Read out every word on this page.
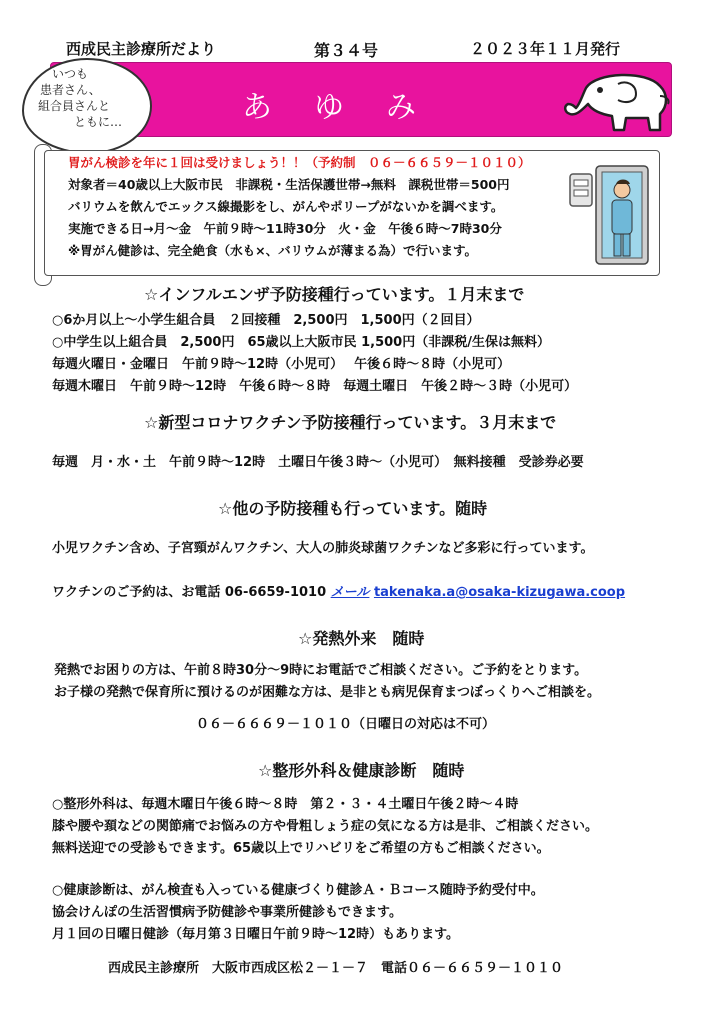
西成民主診療所だより	第３４号	２０２３年１１月発行
あ ゆ み
いつも
患者さん、
組合員さんと
ともに…
胃がん検診を年に１回は受けましょう！！（予約制　０６－６６５９－１０１０）
対象者＝40歳以上大阪市民　非課税・生活保護世帯→無料　課税世帯＝500円
バリウムを飲んでエックス線撮影をし、がんやポリープがないかを調べます。
実施できる日→月～金　午前９時～11時30分　火・金　午後６時～7時30分
※胃がん健診は、完全絶食（水も×、バリウムが薄まる為）で行います。
☆インフルエンザ予防接種行っています。１月末まで
○6か月以上～小学生組合員　２回接種　2,500円　1,500円（２回目）
○中学生以上組合員　2,500円　65歳以上大阪市民 1,500円（非課税/生保は無料）
毎週火曜日・金曜日　午前９時～12時（小児可）　 午後６時～８時（小児可）
毎週木曜日　午前９時～12時　午後６時～８時　毎週土曜日　午後２時～３時（小児可）
☆新型コロナワクチン予防接種行っています。３月末まで
毎週　月・水・土　午前９時～12時　土曜日午後３時～（小児可）　無料接種　受診券必要
☆他の予防接種も行っています。随時
小児ワクチン含め、子宮頸がんワクチン、大人の肺炎球菌ワクチンなど多彩に行っています。
ワクチンのご予約は、お電話 06-6659-1010 メール takenaka.a@osaka-kizugawa.coop
☆発熱外来　随時
発熱でお困りの方は、午前８時30分～9時にお電話でご相談ください。ご予約をとります。
お子様の発熱で保育所に預けるのが困難な方は、是非とも病児保育まつぼっくりへご相談を。
０６－６６６９－１０１０（日曜日の対応は不可）
☆整形外科＆健康診断　随時
○整形外科は、毎週木曜日午後６時～８時　第２・３・４土曜日午後２時～４時
膝や腰や頚などの関節痛でお悩みの方や骨粗しょう症の気になる方は是非、ご相談ください。
無料送迎での受診もできます。65歳以上でリハビリをご希望の方もご相談ください。
○健康診断は、がん検査も入っている健康づくり健診Ａ・Ｂコース随時予約受付中。
協会けんぽの生活習慣病予防健診や事業所健診もできます。
月１回の日曜日健診（毎月第３日曜日午前９時～12時）もあります。
西成民主診療所　大阪市西成区松２－１－７　電話０６－６６５９－１０１０
